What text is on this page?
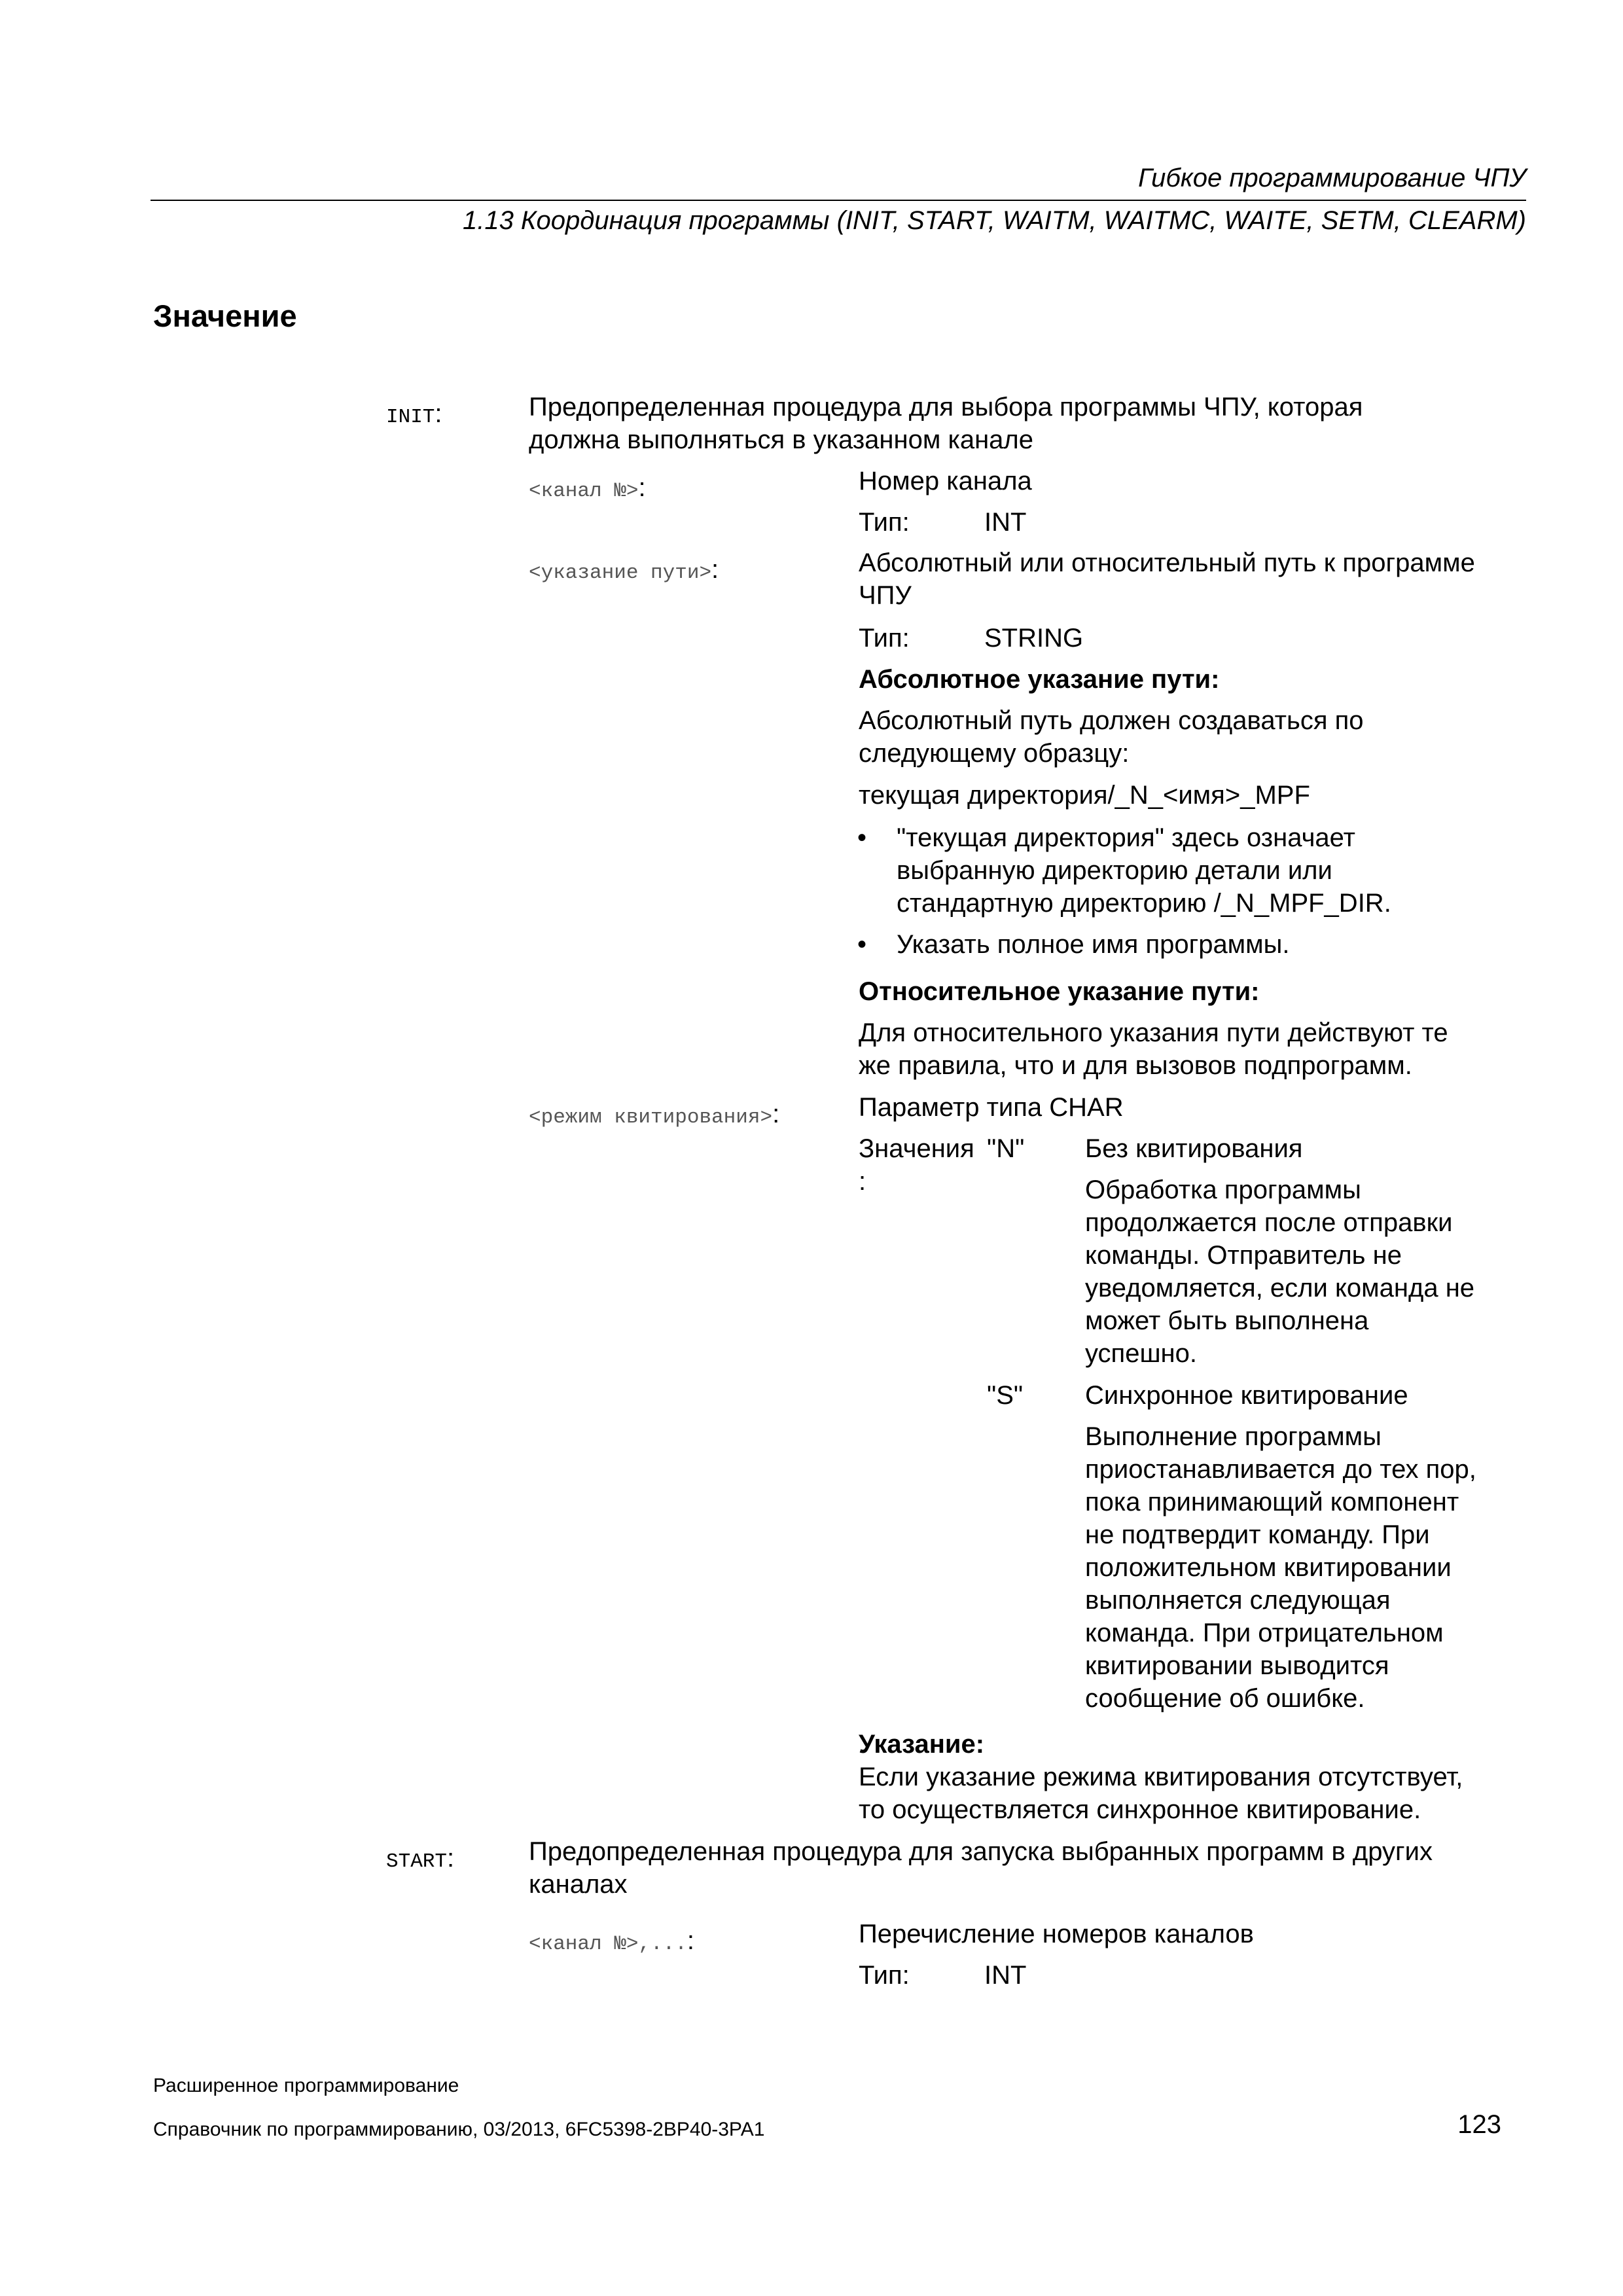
Гибкое программирование ЧПУ
1.13 Координация программы (INIT, START, WAITM, WAITMC, WAITE, SETM, CLEARM)
Значение
INIT:	Предопределенная процедура для выбора программы ЧПУ, которая
должна выполняться в указанном канале
<канал №>:	Номер канала
Тип:	INT
<указание пути>:	Абсолютный или относительный путь к программе
ЧПУ
Тип:	STRING
Абсолютное указание пути:
Абсолютный путь должен создаваться по
следующему образцу:
текущая директория/_N_<имя>_MPF
• "текущая директория" здесь означает
выбранную директорию детали или
стандартную директорию /_N_MPF_DIR.
• Указать полное имя программы.
Относительное указание пути:
Для относительного указания пути действуют те
же правила, что и для вызовов подпрограмм.
<режим квитирования>:	Параметр типа CHAR
Значения
:
"N" Без квитирования
Обработка программы
продолжается после отправки
команды. Отправитель не
уведомляется, если команда не
может быть выполнена
успешно.
"S" Синхронное квитирование
Выполнение программы
приостанавливается до тех пор,
пока принимающий компонент
не подтвердит команду. При
положительном квитировании
выполняется следующая
команда. При отрицательном
квитировании выводится
сообщение об ошибке.
Указание:
Если указание режима квитирования отсутствует,
то осуществляется синхронное квитирование.
START:	Предопределенная процедура для запуска выбранных программ в других
каналах
<канал №>,...:	Перечисление номеров каналов
Тип:	INT
Расширенное программирование
Справочник по программированию, 03/2013, 6FC5398-2BP40-3PA1	123
